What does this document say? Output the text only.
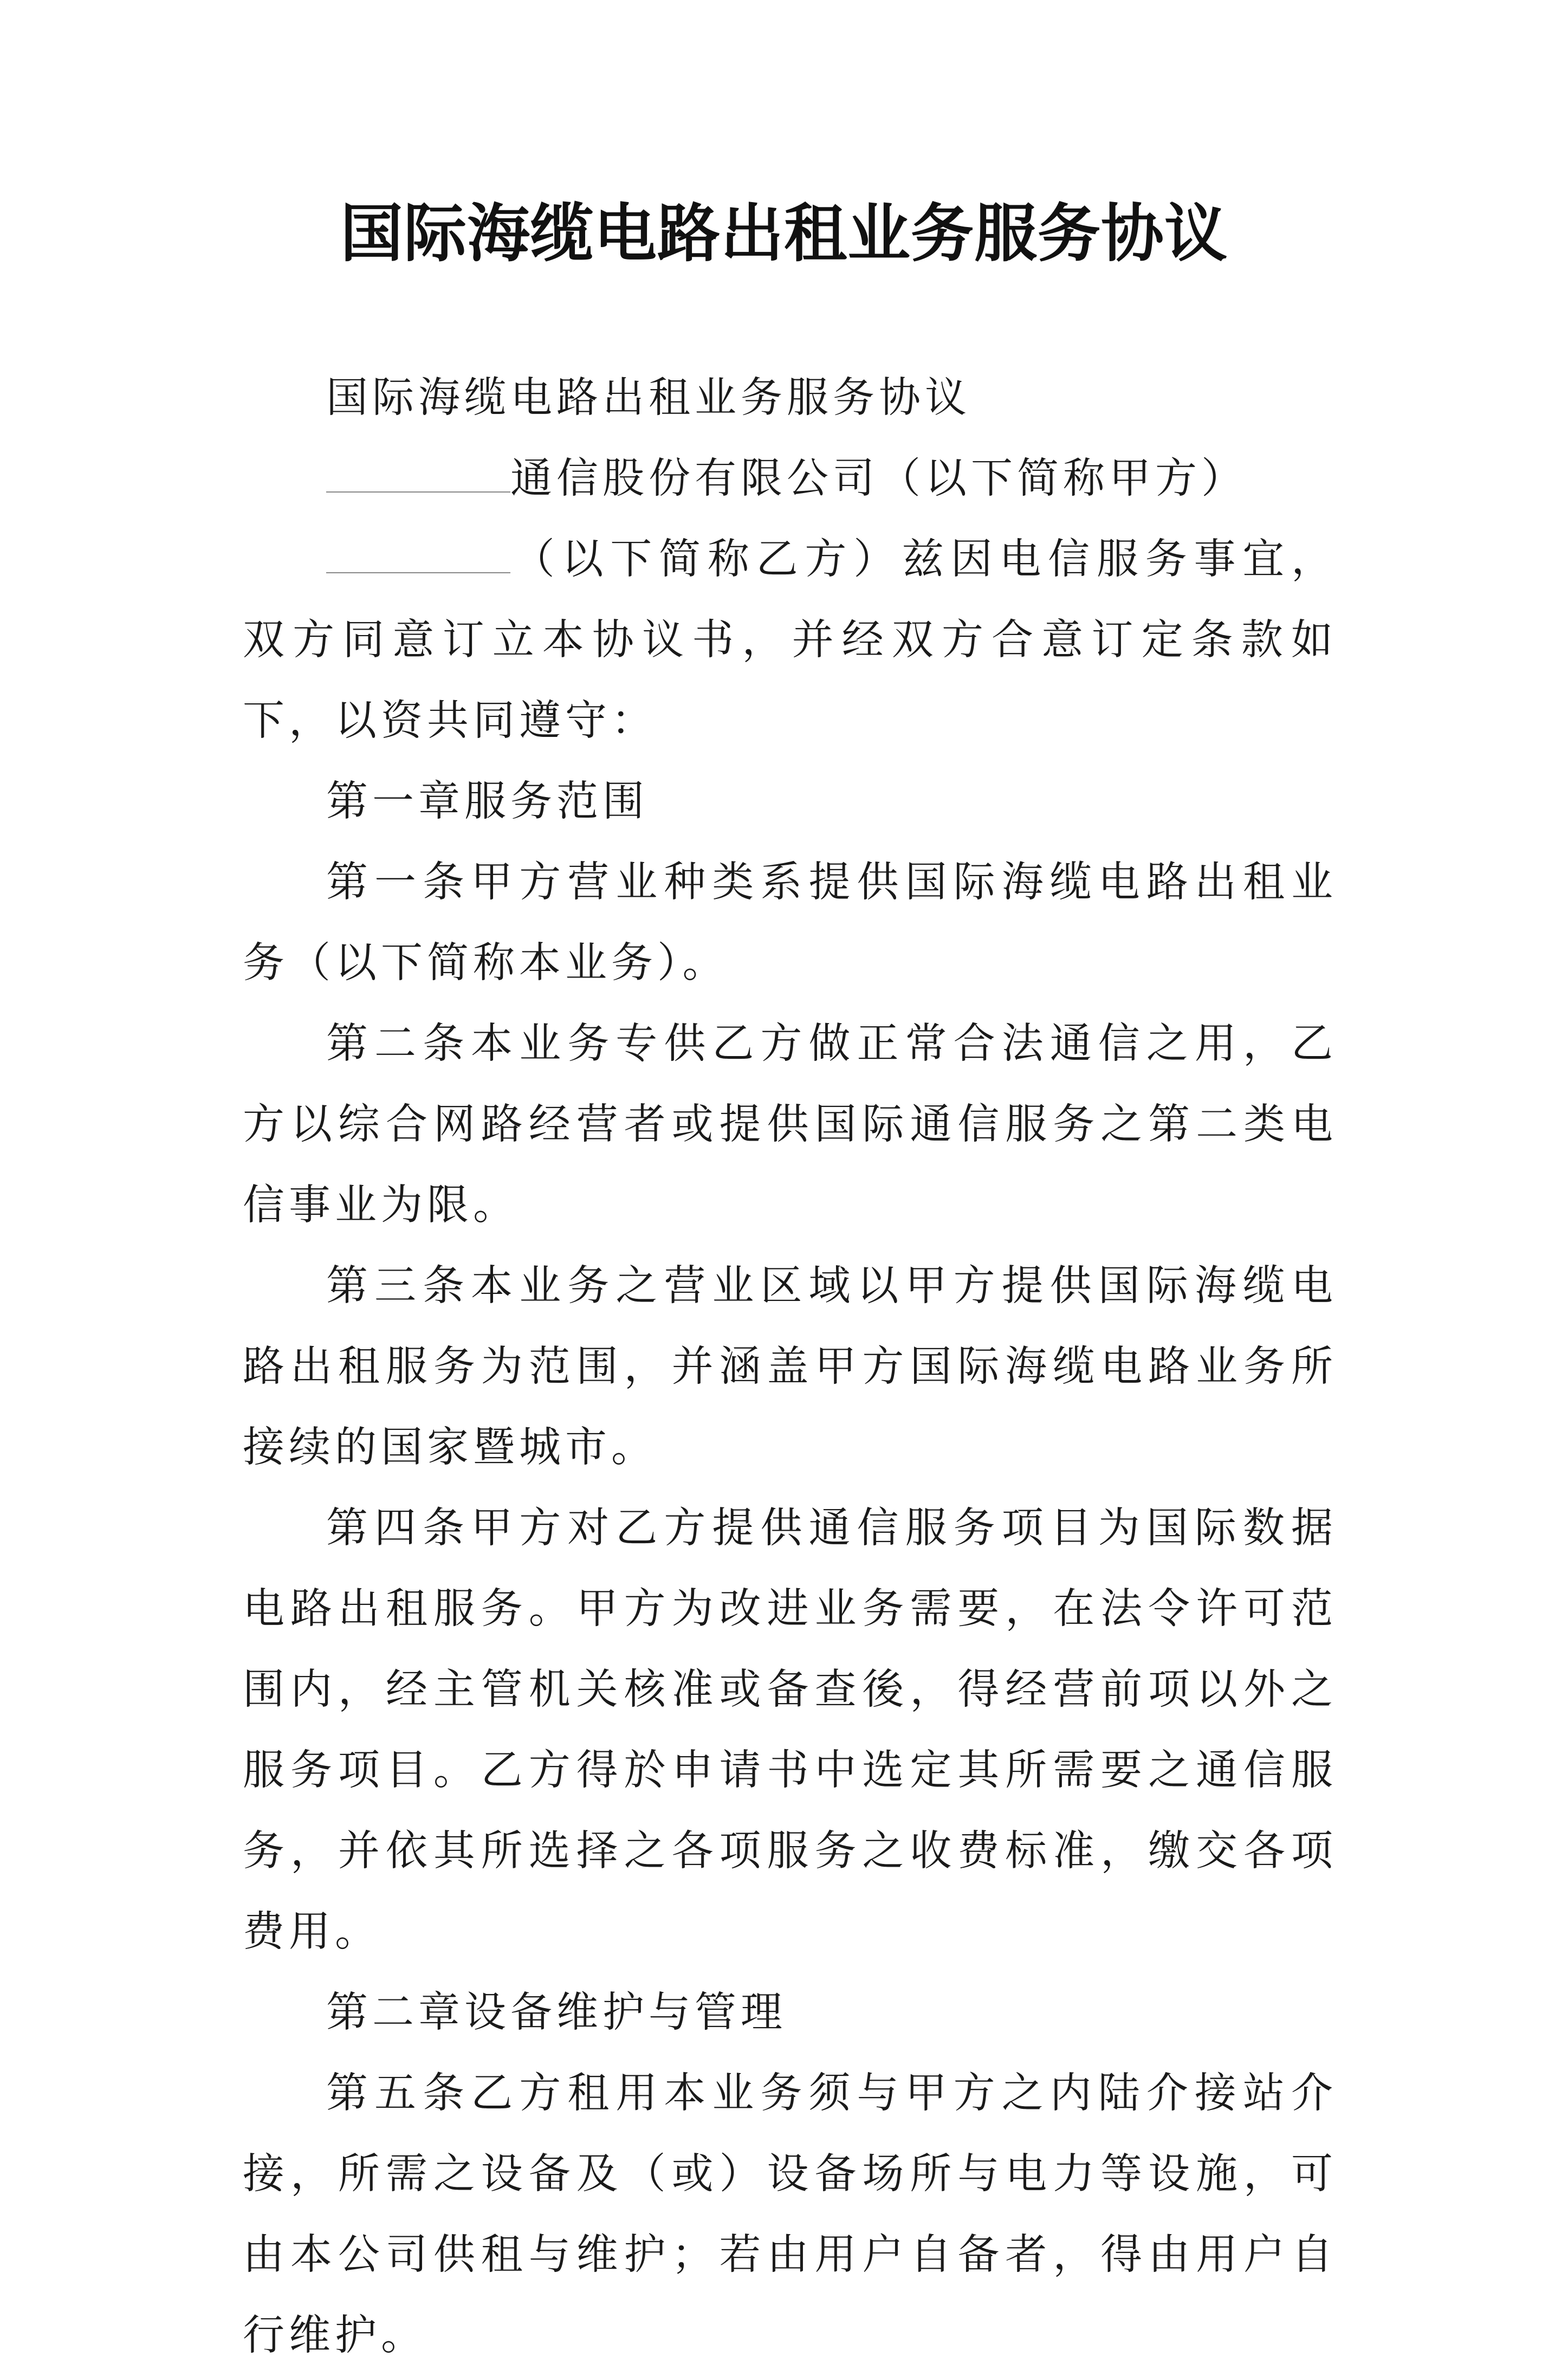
国际海缆电路出租业务服务协议

国际海缆电路出租业务服务协议

通信股份有限公司（以下简称甲方）

（以下简称乙方）兹因电信服务事宜，双方同意订立本协议书，并经双方合意订定条款如下，以资共同遵守：

第一章服务范围

第一条甲方营业种类系提供国际海缆电路出租业务（以下简称本业务）。

第二条本业务专供乙方做正常合法通信之用，乙方以综合网路经营者或提供国际通信服务之第二类电信事业为限。

第三条本业务之营业区域以甲方提供国际海缆电路出租服务为范围，并涵盖甲方国际海缆电路业务所接续的国家暨城市。

第四条甲方对乙方提供通信服务项目为国际数据电路出租服务。甲方为改进业务需要，在法令许可范围内，经主管机关核准或备查後，得经营前项以外之服务项目。乙方得於申请书中选定其所需要之通信服务，并依其所选择之各项服务之收费标准，缴交各项费用。

第二章设备维护与管理

第五条乙方租用本业务须与甲方之内陆介接站介接，所需之设备及（或）设备场所与电力等设施，可由本公司供租与维护；若由用户自备者，得由用户自行维护。
